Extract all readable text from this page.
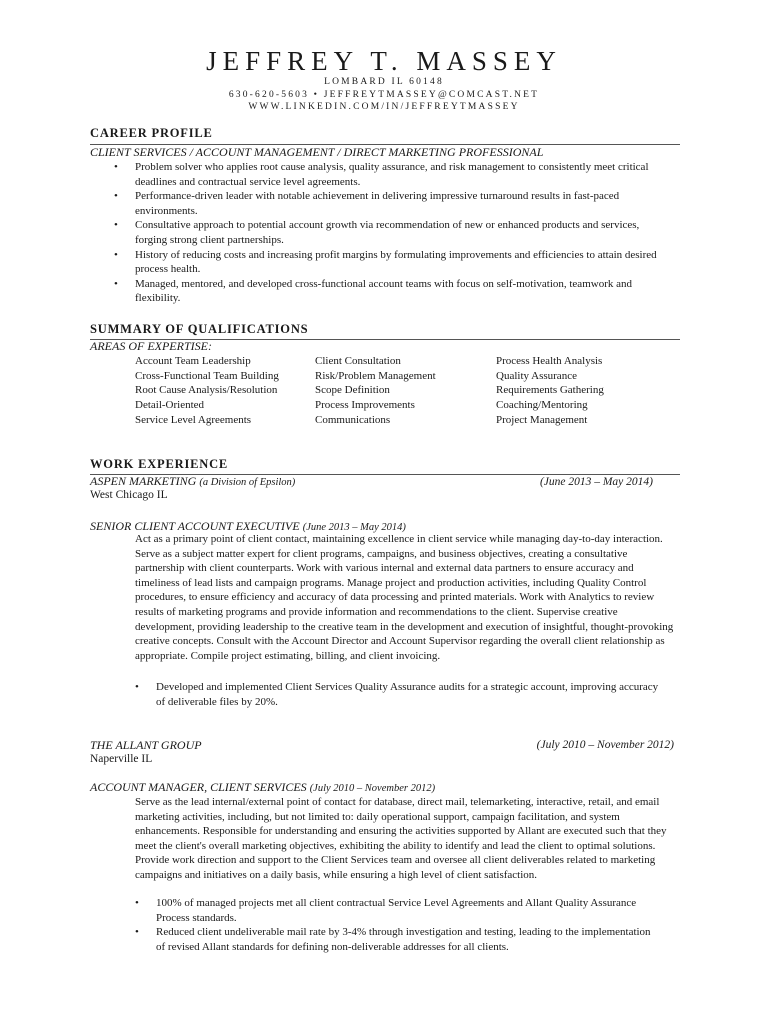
JEFFREY T. MASSEY
LOMBARD IL 60148
630-620-5603 • JEFFREYTMASSEY@COMCAST.NET
WWW.LINKEDIN.COM/IN/JEFFREYTMASSEY
CAREER PROFILE
CLIENT SERVICES / ACCOUNT MANAGEMENT / DIRECT MARKETING PROFESSIONAL
• Problem solver who applies root cause analysis, quality assurance, and risk management to consistently meet critical deadlines and contractual service level agreements.
• Performance-driven leader with notable achievement in delivering impressive turnaround results in fast-paced environments.
• Consultative approach to potential account growth via recommendation of new or enhanced products and services, forging strong client partnerships.
• History of reducing costs and increasing profit margins by formulating improvements and efficiencies to attain desired process health.
• Managed, mentored, and developed cross-functional account teams with focus on self-motivation, teamwork and flexibility.
SUMMARY OF QUALIFICATIONS
AREAS OF EXPERTISE:
Account Team Leadership	Client Consultation	Process Health Analysis
Cross-Functional Team Building	Risk/Problem Management	Quality Assurance
Root Cause Analysis/Resolution	Scope Definition	Requirements Gathering
Detail-Oriented	Process Improvements	Coaching/Mentoring
Service Level Agreements	Communications	Project Management
WORK EXPERIENCE
ASPEN MARKETING (a Division of Epsilon)	(June 2013 – May 2014)
West Chicago IL
SENIOR CLIENT ACCOUNT EXECUTIVE (June 2013 – May 2014)

Act as a primary point of client contact, maintaining excellence in client service while managing day-to-day interaction. Serve as a subject matter expert for client programs, campaigns, and business objectives, creating a consultative partnership with client counterparts. Work with various internal and external data partners to ensure accuracy and timeliness of lead lists and campaign programs. Manage project and production activities, including Quality Control procedures, to ensure efficiency and accuracy of data processing and printed materials. Work with Analytics to review results of marketing programs and provide information and recommendations to the client. Supervise creative development, providing leadership to the creative team in the development and execution of insightful, thought-provoking creative concepts. Consult with the Account Director and Account Supervisor regarding the overall client relationship as appropriate. Compile project estimating, billing, and client invoicing.

• Developed and implemented Client Services Quality Assurance audits for a strategic account, improving accuracy of deliverable files by 20%.
THE ALLANT GROUP	(July 2010 – November 2012)
Naperville IL
ACCOUNT MANAGER, CLIENT SERVICES (July 2010 – November 2012)

Serve as the lead internal/external point of contact for database, direct mail, telemarketing, interactive, retail, and email marketing activities, including, but not limited to: daily operational support, campaign facilitation, and system enhancements. Responsible for understanding and ensuring the activities supported by Allant are executed such that they meet the client's overall marketing objectives, exhibiting the ability to identify and lead the client to optimal solutions. Provide work direction and support to the Client Services team and oversee all client deliverables related to marketing campaigns and initiatives on a daily basis, while ensuring a high level of client satisfaction.

• 100% of managed projects met all client contractual Service Level Agreements and Allant Quality Assurance Process standards.
• Reduced client undeliverable mail rate by 3-4% through investigation and testing, leading to the implementation of revised Allant standards for defining non-deliverable addresses for all clients.
